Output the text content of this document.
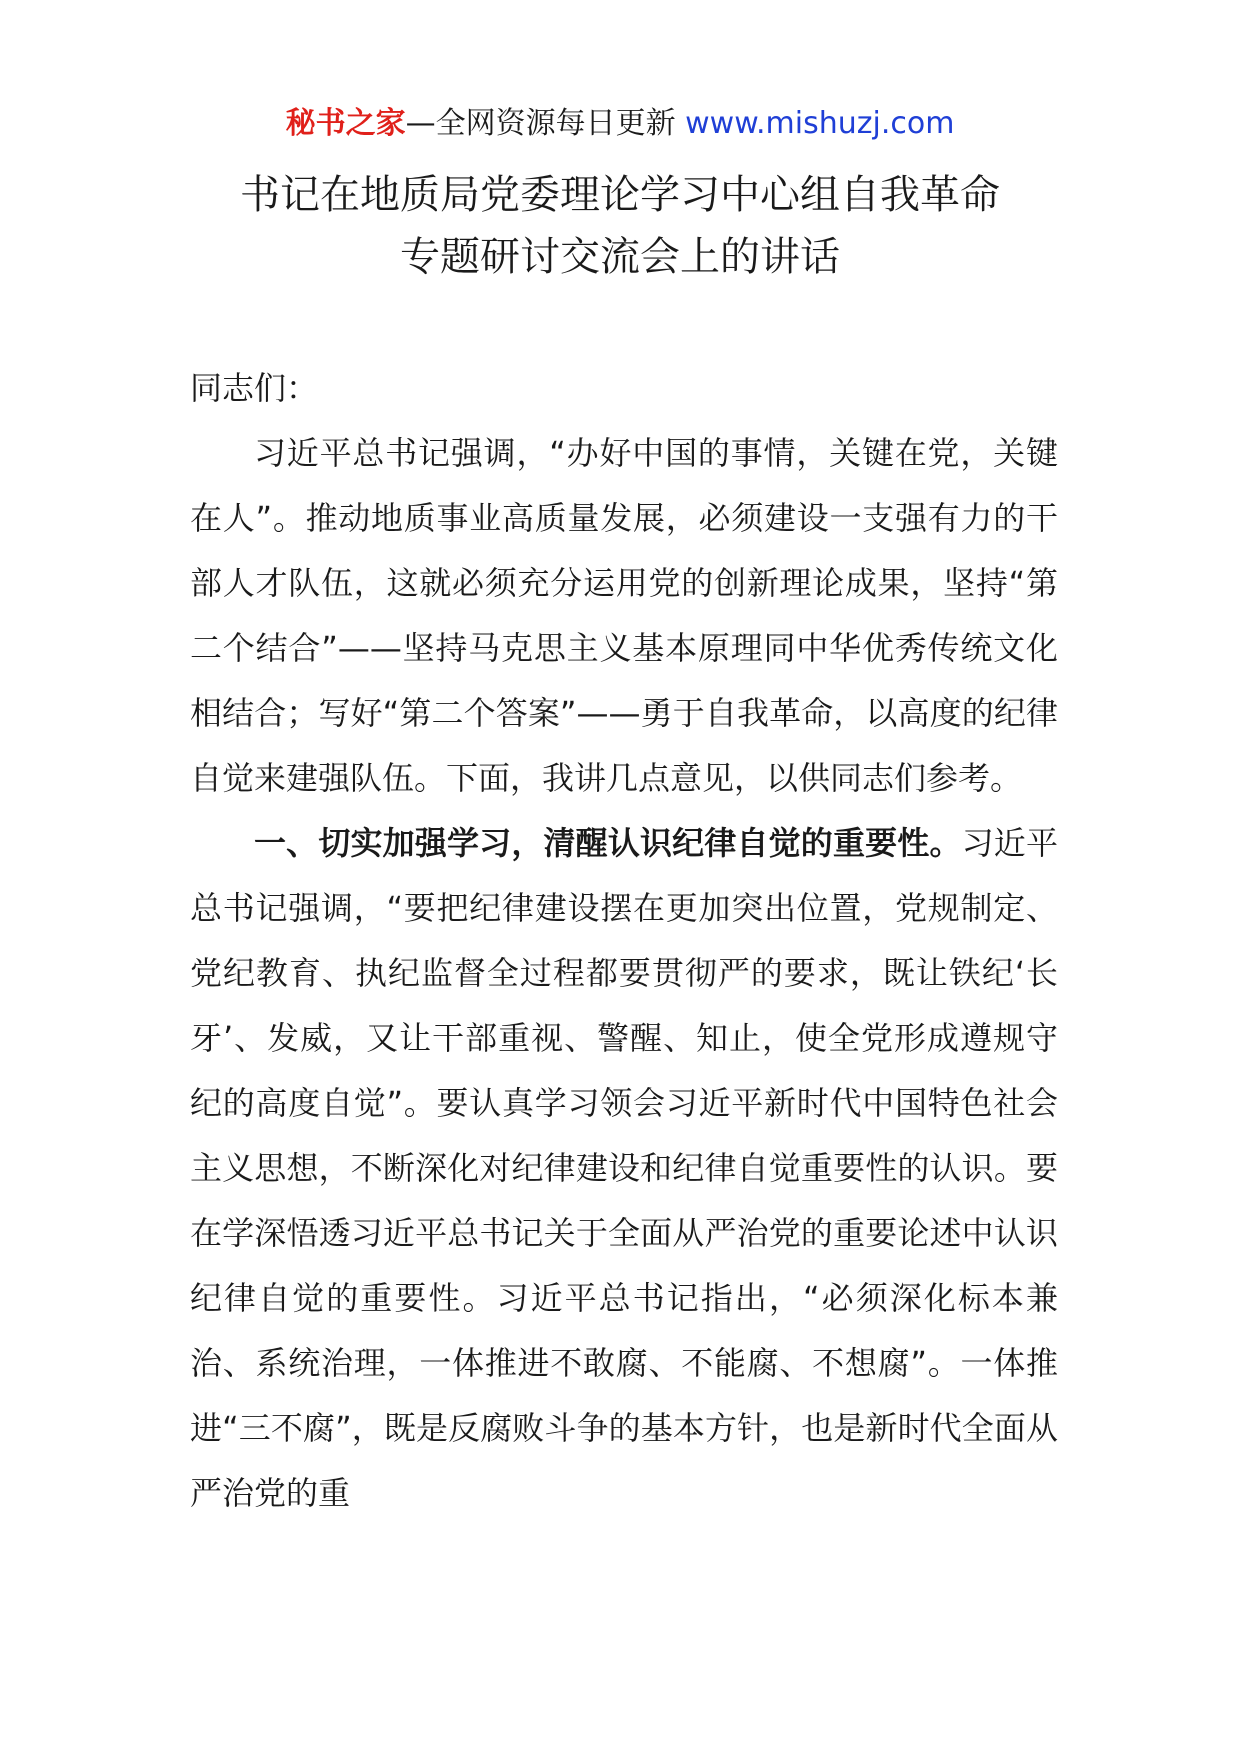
秘书之家—全网资源每日更新 www.mishuzj.com
书记在地质局党委理论学习中心组自我革命
专题研讨交流会上的讲话

同志们：

习近平总书记强调，“办好中国的事情，关键在党，关键在人”。推动地质事业高质量发展，必须建设一支强有力的干部人才队伍，这就必须充分运用党的创新理论成果，坚持“第二个结合”——坚持马克思主义基本原理同中华优秀传统文化相结合；写好“第二个答案”——勇于自我革命，以高度的纪律自觉来建强队伍。下面，我讲几点意见，以供同志们参考。

一、切实加强学习，清醒认识纪律自觉的重要性。习近平总书记强调，“要把纪律建设摆在更加突出位置，党规制定、党纪教育、执纪监督全过程都要贯彻严的要求，既让铁纪‘长牙’、发威，又让干部重视、警醒、知止，使全党形成遵规守纪的高度自觉”。要认真学习领会习近平新时代中国特色社会主义思想，不断深化对纪律建设和纪律自觉重要性的认识。要在学深悟透习近平总书记关于全面从严治党的重要论述中认识纪律自觉的重要性。习近平总书记指出，“必须深化标本兼治、系统治理，一体推进不敢腐、不能腐、不想腐”。一体推进“三不腐”，既是反腐败斗争的基本方针，也是新时代全面从严治党的重
